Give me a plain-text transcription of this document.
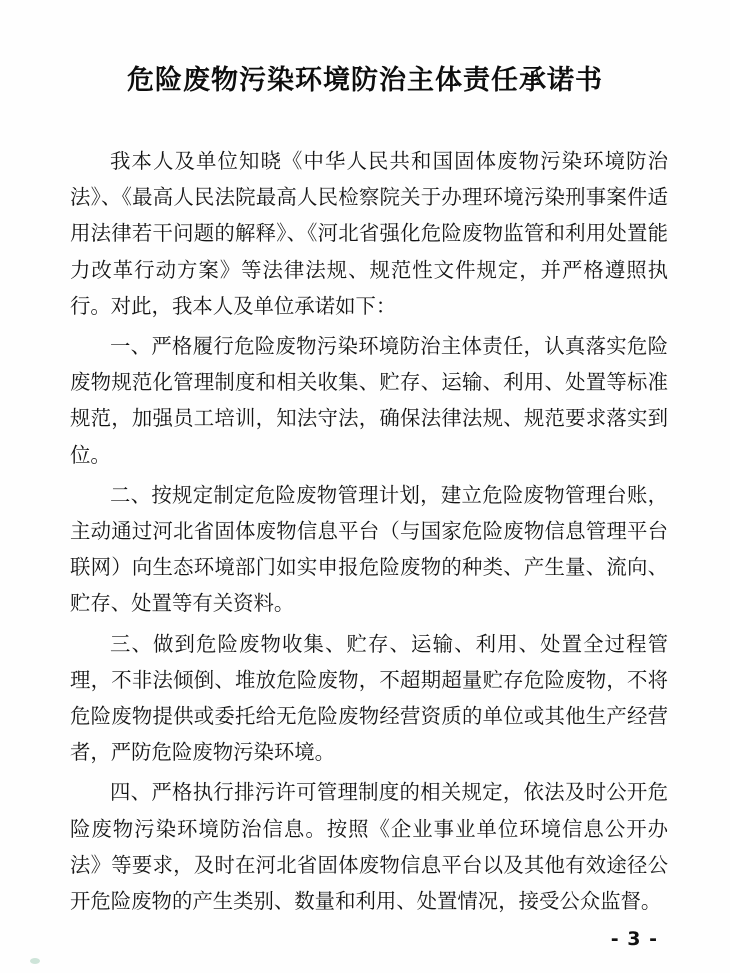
危险废物污染环境防治主体责任承诺书

我本人及单位知晓《中华人民共和国固体废物污染环境防治法》、《最高人民法院最高人民检察院关于办理环境污染刑事案件适用法律若干问题的解释》、《河北省强化危险废物监管和利用处置能力改革行动方案》等法律法规、规范性文件规定，并严格遵照执行。对此，我本人及单位承诺如下：

一、严格履行危险废物污染环境防治主体责任，认真落实危险废物规范化管理制度和相关收集、贮存、运输、利用、处置等标准规范，加强员工培训，知法守法，确保法律法规、规范要求落实到位。

二、按规定制定危险废物管理计划，建立危险废物管理台账，主动通过河北省固体废物信息平台（与国家危险废物信息管理平台联网）向生态环境部门如实申报危险废物的种类、产生量、流向、贮存、处置等有关资料。

三、做到危险废物收集、贮存、运输、利用、处置全过程管理，不非法倾倒、堆放危险废物，不超期超量贮存危险废物，不将危险废物提供或委托给无危险废物经营资质的单位或其他生产经营者，严防危险废物污染环境。

四、严格执行排污许可管理制度的相关规定，依法及时公开危险废物污染环境防治信息。按照《企业事业单位环境信息公开办法》等要求，及时在河北省固体废物信息平台以及其他有效途径公开危险废物的产生类别、数量和利用、处置情况，接受公众监督。

- 3 -
